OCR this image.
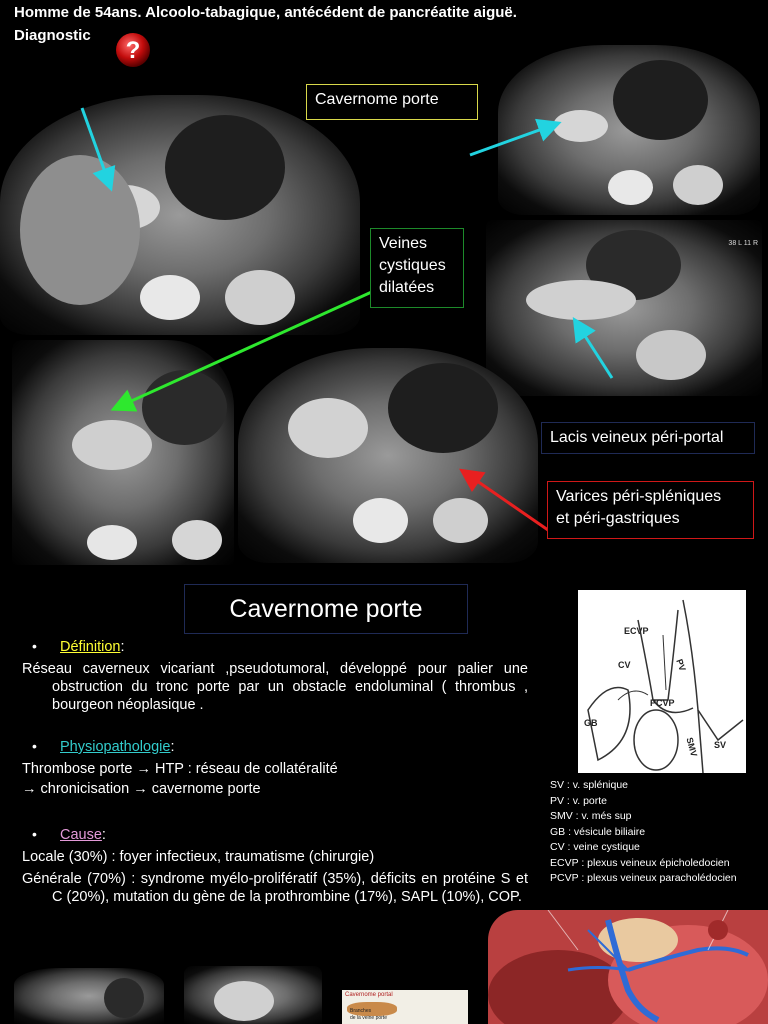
Homme de 54ans. Alcoolo-tabagique, antécédent de pancréatite aiguë.
Diagnostic
?
38 L 11 R
Cavernome porte
Veines
cystiques
dilatées
Lacis veineux péri-portal
Varices péri-spléniques
et péri-gastriques
Cavernome porte
•	Définition :
Réseau caverneux vicariant ,pseudotumoral, développé pour palier une obstruction du tronc porte par un obstacle endoluminal ( thrombus , bourgeon néoplasique .
•	Physiopathologie :
Thrombose porte → HTP : réseau de collatéralité
→ chronicisation → cavernome porte
•	Cause :
Locale (30%) : foyer infectieux, traumatisme (chirurgie)
Générale (70%) : syndrome myélo-prolifératif (35%), déficits en protéine S et C (20%), mutation du gène de la prothrombine (17%), SAPL (10%), COP.
ECVP
CV	PV
PCVP
GB
SMV SV
SV : v. splénique
PV : v. porte
SMV : v. més sup
GB : vésicule biliaire
CV : veine cystique
ECVP : plexus veineux épicholedocien
PCVP : plexus veineux paracholédocien
Cavernome portal
Branches
de la veine porte
